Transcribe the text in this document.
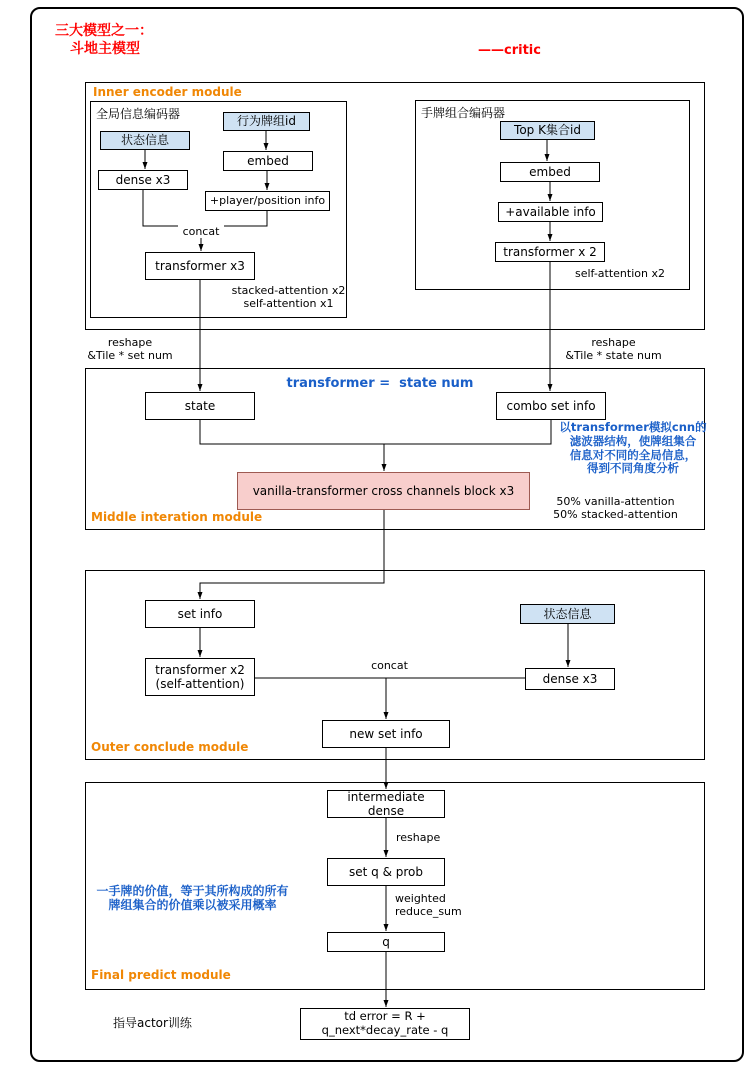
三大模型之一：
斗地主模型	——critic
Inner encoder module
全局信息编码器
行为牌组id
状态信息
embed
dense x3
+player/position info
concat
transformer x3
stacked-attention x2
self-attention x1
手牌组合编码器
Top K集合id
embed
+available info
transformer x 2
self-attention x2
reshape
&Tile * set num
reshape
&Tile * state num
Middle interation module
transformer =  state num
state	combo set info
vanilla-transformer cross channels block x3
以transformer模拟cnn的
滤波器结构，使牌组集合
信息对不同的全局信息，
得到不同角度分析
50% vanilla-attention
50% stacked-attention
Outer conclude module
set info	状态信息
transformer x2
(self-attention)	dense x3
concat
new set info
Final predict module
intermediate dense
reshape
set q & prob
weighted
reduce_sum
q
一手牌的价值，等于其所构成的所有
牌组集合的价值乘以被采用概率
指导actor训练	td error = R +
q_next*decay_rate - q
